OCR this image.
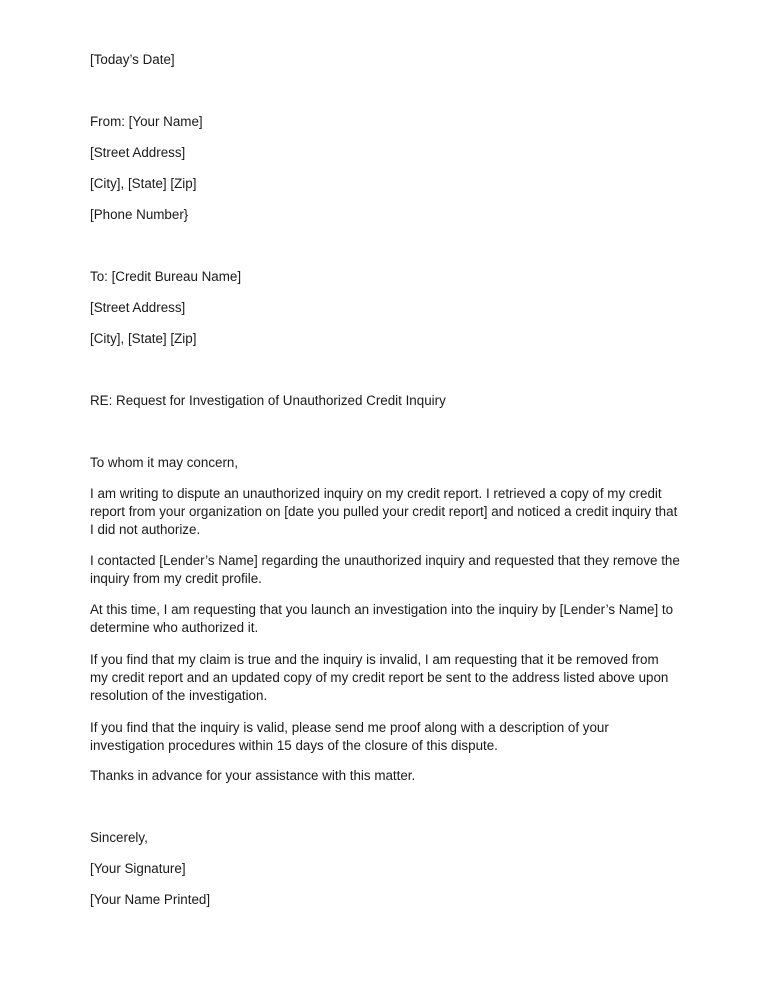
[Today’s Date]
From: [Your Name]
[Street Address]
[City], [State] [Zip]
[Phone Number}
To: [Credit Bureau Name]
[Street Address]
[City], [State] [Zip]
RE: Request for Investigation of Unauthorized Credit Inquiry
To whom it may concern,
I am writing to dispute an unauthorized inquiry on my credit report. I retrieved a copy of my credit report from your organization on [date you pulled your credit report] and noticed a credit inquiry that I did not authorize.
I contacted [Lender’s Name] regarding the unauthorized inquiry and requested that they remove the inquiry from my credit profile.
At this time, I am requesting that you launch an investigation into the inquiry by [Lender’s Name] to determine who authorized it.
If you find that my claim is true and the inquiry is invalid, I am requesting that it be removed from my credit report and an updated copy of my credit report be sent to the address listed above upon resolution of the investigation.
If you find that the inquiry is valid, please send me proof along with a description of your investigation procedures within 15 days of the closure of this dispute.
Thanks in advance for your assistance with this matter.
Sincerely,
[Your Signature]
[Your Name Printed]
